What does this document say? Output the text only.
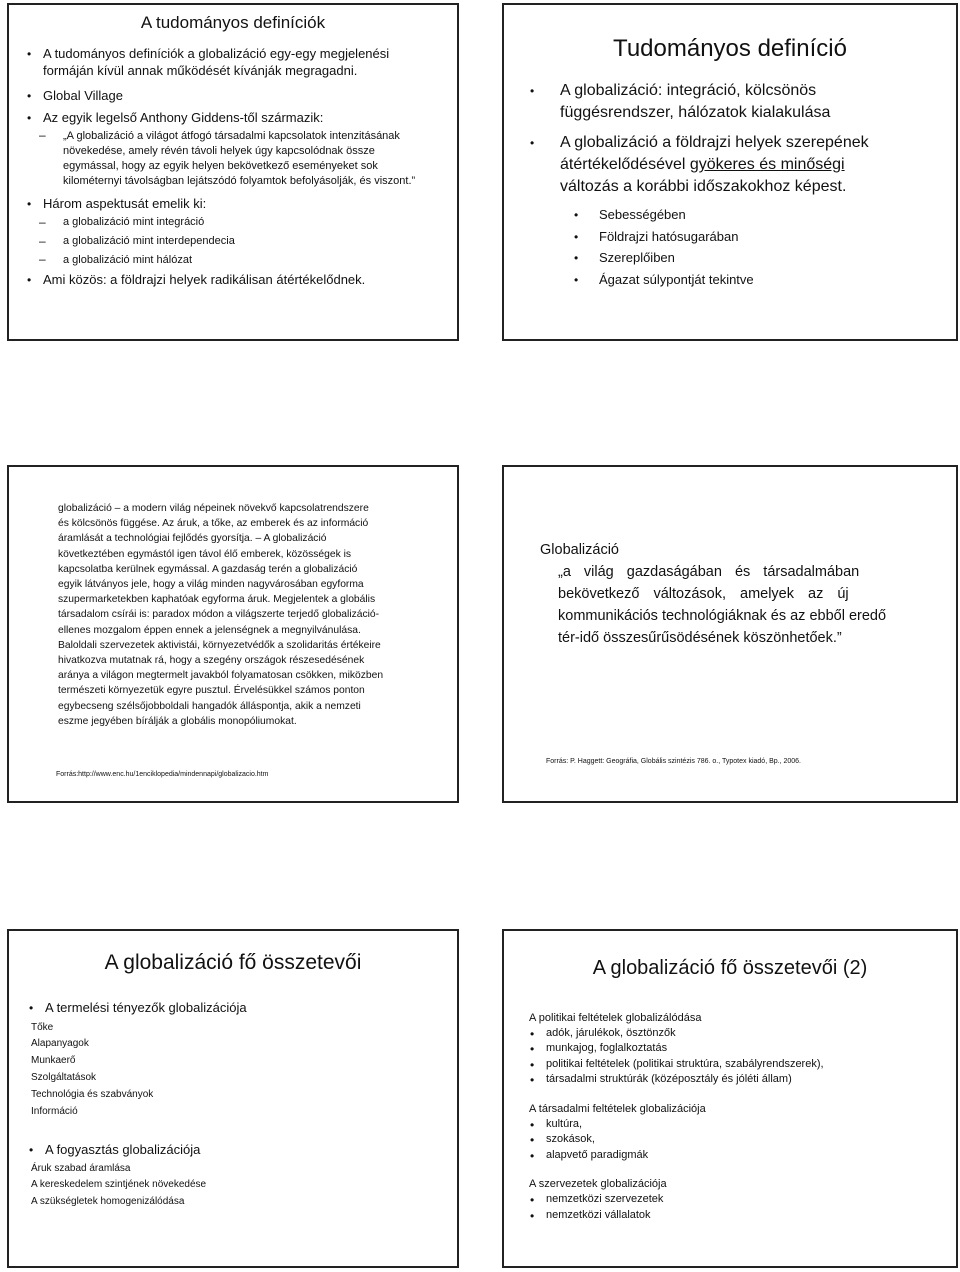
A tudományos definíciók
• A tudományos definíciók a globalizáció egy-egy megjelenési
formáján kívül annak működését kívánják megragadni.
• Global Village
• Az egyik legelső Anthony Giddens-től származik:
– „A globalizáció a világot átfogó társadalmi kapcsolatok intenzitásának
növekedése, amely révén távoli helyek úgy kapcsolódnak össze
egymással, hogy az egyik helyen bekövetkező eseményeket sok
kilométernyi távolságban lejátszódó folyamtok befolyásolják, és viszont.”
• Három aspektusát emelik ki:
– a globalizáció mint integráció
– a globalizáció mint interdependecia
– a globalizáció mint hálózat
• Ami közös: a földrajzi helyek radikálisan átértékelődnek.
Tudományos definíció
• A globalizáció: integráció, kölcsönös
függésrendszer, hálózatok kialakulása
• A globalizáció a földrajzi helyek szerepének
átértékelődésével gyökeres és minőségi
változás a korábbi időszakokhoz képest.
• Sebességében
• Földrajzi hatósugarában
• Szereplőiben
• Ágazat súlypontját tekintve
globalizáció – a modern világ népeinek növekvő kapcsolatrendszere
és kölcsönös függése. Az áruk, a tőke, az emberek és az információ
áramlását a technológiai fejlődés gyorsítja. – A globalizáció
következtében egymástól igen távol élő emberek, közösségek is
kapcsolatba kerülnek egymással. A gazdaság terén a globalizáció
egyik látványos jele, hogy a világ minden nagyvárosában egyforma
szupermarketekben kaphatóak egyforma áruk. Megjelentek a globális
társadalom csírái is: paradox módon a világszerte terjedő globalizáció-
ellenes mozgalom éppen ennek a jelenségnek a megnyilvánulása.
Baloldali szervezetek aktivistái, környezetvédők a szolidaritás értékeire
hivatkozva mutatnak rá, hogy a szegény országok részesedésének
aránya a világon megtermelt javakból folyamatosan csökken, miközben
természeti környezetük egyre pusztul. Érvelésükkel számos ponton
egybecseng szélsőjobboldali hangadók álláspontja, akik a nemzeti
eszme jegyében bírálják a globális monopóliumokat.
Forrás:http://www.enc.hu/1enciklopedia/mindennapi/globalizacio.htm
Globalizáció
„a világ gazdaságában és társadalmában
bekövetkező változások, amelyek az új
kommunikációs technológiáknak és az ebből eredő
tér-idő összesűrűsödésének köszönhetőek.”
Forrás: P. Haggett: Geográfia, Globális szintézis 786. o., Typotex kiadó, Bp., 2006.
A globalizáció fő összetevői
• A termelési tényezők globalizációja
Tőke
Alapanyagok
Munkaerő
Szolgáltatások
Technológia és szabványok
Információ
• A fogyasztás globalizációja
Áruk szabad áramlása
A kereskedelem szintjének növekedése
A szükségletek homogenizálódása
A globalizáció fő összetevői (2)
A politikai feltételek globalizálódása
• adók, járulékok, ösztönzők
• munkajog, foglalkoztatás
• politikai feltételek (politikai struktúra, szabályrendszerek),
• társadalmi struktúrák (középosztály és jóléti állam)
A társadalmi feltételek globalizációja
• kultúra,
• szokások,
• alapvető paradigmák
A szervezetek globalizációja
• nemzetközi szervezetek
• nemzetközi vállalatok
